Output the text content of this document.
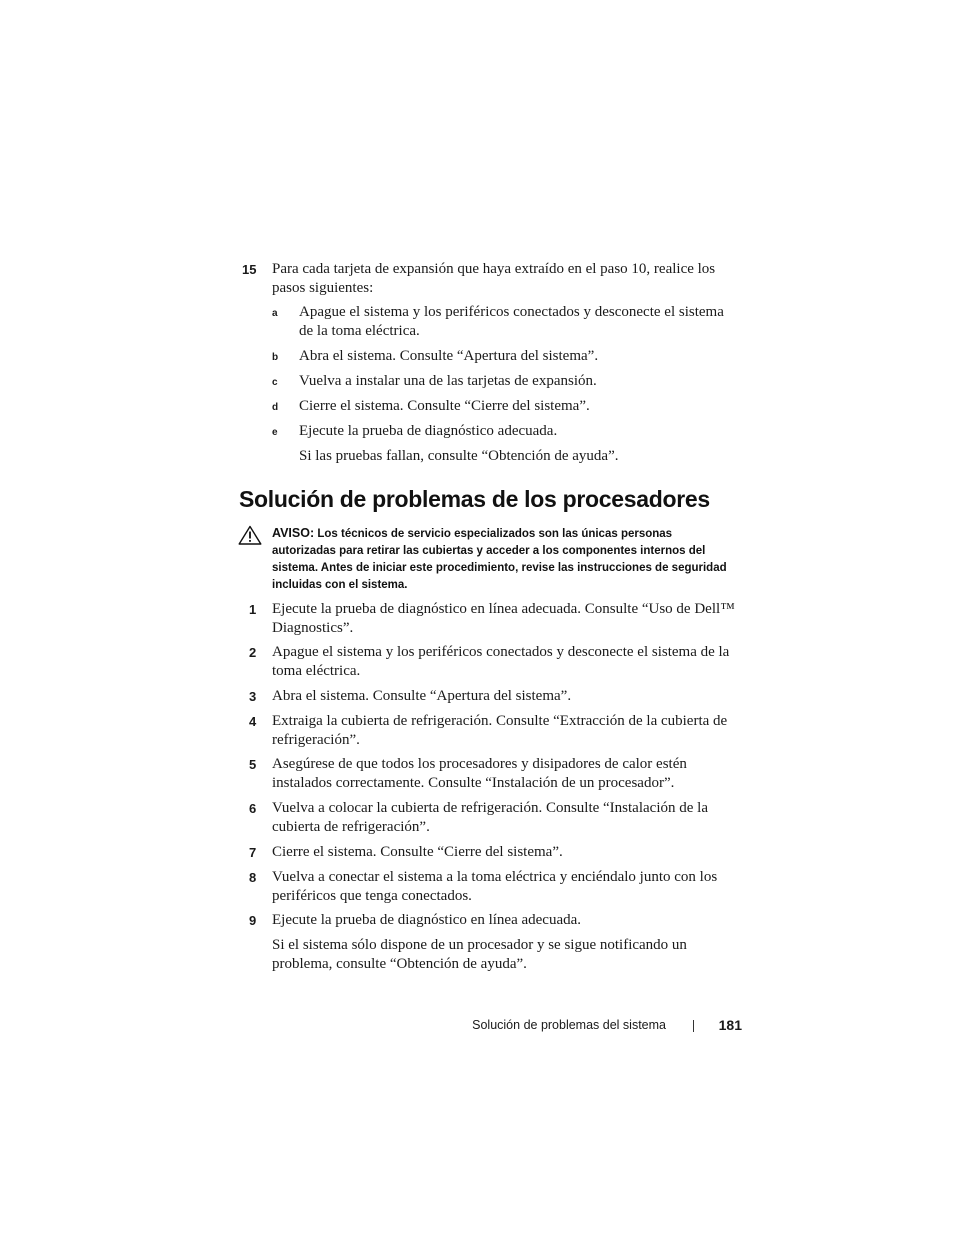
15 Para cada tarjeta de expansión que haya extraído en el paso 10, realice los pasos siguientes:
a Apague el sistema y los periféricos conectados y desconecte el sistema de la toma eléctrica.
b Abra el sistema. Consulte “Apertura del sistema”.
c Vuelva a instalar una de las tarjetas de expansión.
d Cierre el sistema. Consulte “Cierre del sistema”.
e Ejecute la prueba de diagnóstico adecuada.
Si las pruebas fallan, consulte “Obtención de ayuda”.
Solución de problemas de los procesadores
AVISO: Los técnicos de servicio especializados son las únicas personas autorizadas para retirar las cubiertas y acceder a los componentes internos del sistema. Antes de iniciar este procedimiento, revise las instrucciones de seguridad incluidas con el sistema.
1 Ejecute la prueba de diagnóstico en línea adecuada. Consulte “Uso de Dell™ Diagnostics”.
2 Apague el sistema y los periféricos conectados y desconecte el sistema de la toma eléctrica.
3 Abra el sistema. Consulte “Apertura del sistema”.
4 Extraiga la cubierta de refrigeración. Consulte “Extracción de la cubierta de refrigeración”.
5 Asegúrese de que todos los procesadores y disipadores de calor estén instalados correctamente. Consulte “Instalación de un procesador”.
6 Vuelva a colocar la cubierta de refrigeración. Consulte “Instalación de la cubierta de refrigeración”.
7 Cierre el sistema. Consulte “Cierre del sistema”.
8 Vuelva a conectar el sistema a la toma eléctrica y enciéndalo junto con los periféricos que tenga conectados.
9 Ejecute la prueba de diagnóstico en línea adecuada.
Si el sistema sólo dispone de un procesador y se sigue notificando un problema, consulte “Obtención de ayuda”.
Solución de problemas del sistema	181
